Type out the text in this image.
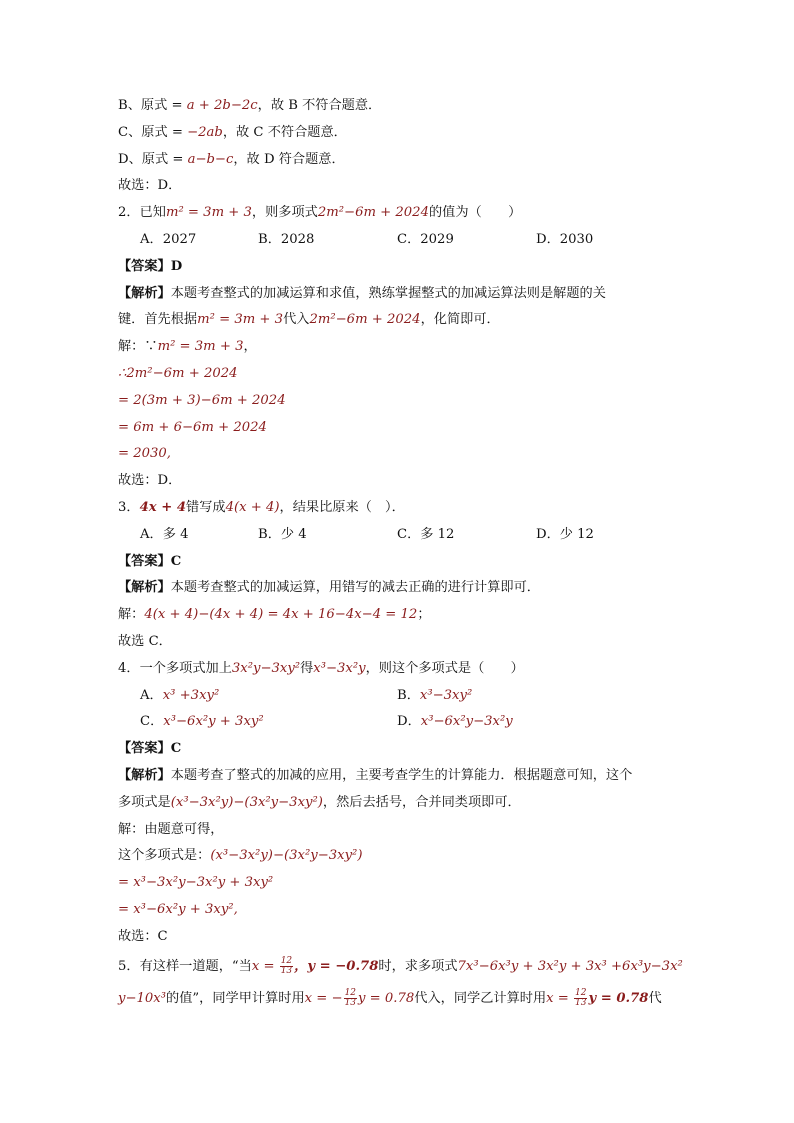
B、原式 = a + 2b−2c，故 B 不符合题意．
C、原式 = −2ab，故 C 不符合题意．
D、原式 = a−b−c，故 D 符合题意．
故选：D．
2．已知m² = 3m + 3，则多项式2m²−6m + 2024的值为（　　）
A．2027	B．2028	C．2029	D．2030
【答案】D
【解析】本题考查整式的加减运算和求值，熟练掌握整式的加减运算法则是解题的关
键．首先根据m² = 3m + 3代入2m²−6m + 2024，化简即可．
解：∵m² = 3m + 3，
∴2m²−6m + 2024
= 2(3m + 3)−6m + 2024
= 6m + 6−6m + 2024
= 2030,
故选：D．
3．4x + 4错写成4(x + 4)，结果比原来（　）．
A．多 4	B．少 4	C．多 12	D．少 12
【答案】C
【解析】本题考查整式的加减运算，用错写的减去正确的进行计算即可．
解：4(x + 4)−(4x + 4) = 4x + 16−4x−4 = 12；
故选 C．
4．一个多项式加上3x²y−3xy²得x³−3x²y，则这个多项式是（　　）
A．x³ +3xy²	B．x³−3xy²
C．x³−6x²y + 3xy²	D．x³−6x²y−3x²y
【答案】C
【解析】本题考查了整式的加减的应用，主要考查学生的计算能力．根据题意可知，这个
多项式是(x³−3x²y)−(3x²y−3xy²)，然后去括号，合并同类项即可．
解：由题意可得，
这个多项式是：(x³−3x²y)−(3x²y−3xy²)
= x³−3x²y−3x²y + 3xy²
= x³−6x²y + 3xy²,
故选：C
5．有这样一道题，“当$x = \frac{12}{13}$ ，y = −0.78时，求多项式7x³−6x³y + 3x²y + 3x³ +6x³y−3x²
y−10x³的值”，同学甲计算时用x = − $\frac{12}{13}$ y = 0.78代入，同学乙计算时用$x = \frac{12}{13}$ y = 0.78代
